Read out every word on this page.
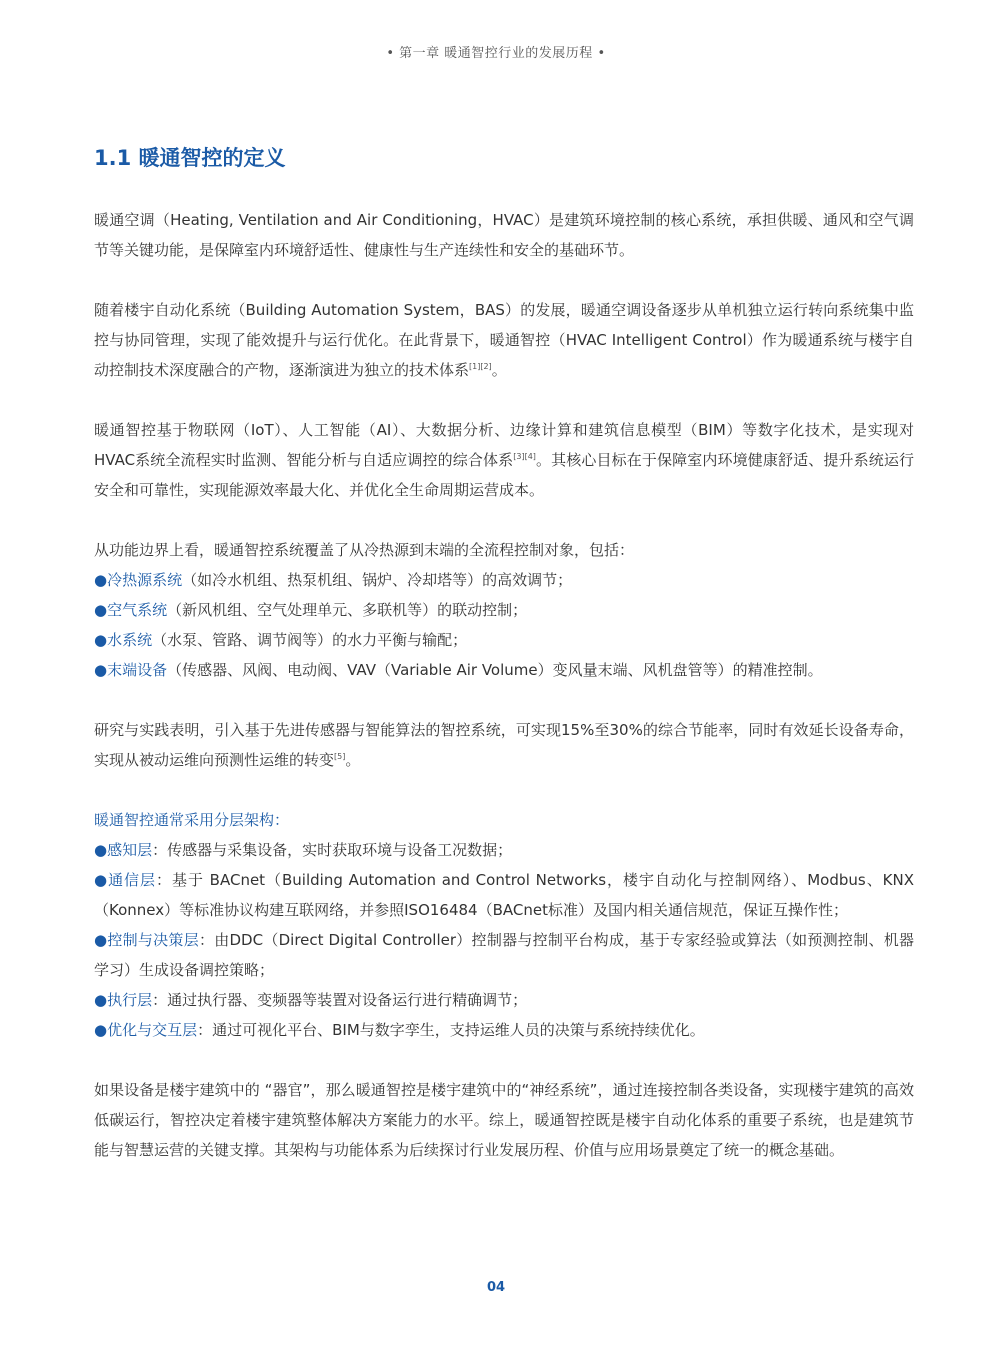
• 第一章 暖通智控行业的发展历程 •
1.1 暖通智控的定义

暖通空调（Heating, Ventilation and Air Conditioning，HVAC）是建筑环境控制的核心系统，承担供暖、通风和空气调节等关键功能，是保障室内环境舒适性、健康性与生产连续性和安全的基础环节。

随着楼宇自动化系统（Building Automation System，BAS）的发展，暖通空调设备逐步从单机独立运行转向系统集中监控与协同管理，实现了能效提升与运行优化。在此背景下，暖通智控（HVAC Intelligent Control）作为暖通系统与楼宇自动控制技术深度融合的产物，逐渐演进为独立的技术体系[1][2]。

暖通智控基于物联网（IoT）、人工智能（AI）、大数据分析、边缘计算和建筑信息模型（BIM）等数字化技术，是实现对HVAC系统全流程实时监测、智能分析与自适应调控的综合体系[3][4]。其核心目标在于保障室内环境健康舒适、提升系统运行安全和可靠性，实现能源效率最大化、并优化全生命周期运营成本。

从功能边界上看，暖通智控系统覆盖了从冷热源到末端的全流程控制对象，包括：

●冷热源系统（如冷水机组、热泵机组、锅炉、冷却塔等）的高效调节；

●空气系统（新风机组、空气处理单元、多联机等）的联动控制；

●水系统（水泵、管路、调节阀等）的水力平衡与输配；

●末端设备（传感器、风阀、电动阀、VAV（Variable Air Volume）变风量末端、风机盘管等）的精准控制。

研究与实践表明，引入基于先进传感器与智能算法的智控系统，可实现15%至30%的综合节能率，同时有效延长设备寿命，实现从被动运维向预测性运维的转变[5]。

暖通智控通常采用分层架构：

●感知层：传感器与采集设备，实时获取环境与设备工况数据；

●通信层：基于 BACnet（Building Automation and Control Networks，楼宇自动化与控制网络）、Modbus、KNX（Konnex）等标准协议构建互联网络，并参照ISO16484（BACnet标准）及国内相关通信规范，保证互操作性；

●控制与决策层：由DDC（Direct Digital Controller）控制器与控制平台构成，基于专家经验或算法（如预测控制、机器学习）生成设备调控策略；

●执行层：通过执行器、变频器等装置对设备运行进行精确调节；

●优化与交互层：通过可视化平台、BIM与数字孪生，支持运维人员的决策与系统持续优化。

如果设备是楼宇建筑中的 “器官”，那么暖通智控是楼宇建筑中的“神经系统”，通过连接控制各类设备，实现楼宇建筑的高效低碳运行，智控决定着楼宇建筑整体解决方案能力的水平。综上，暖通智控既是楼宇自动化体系的重要子系统，也是建筑节能与智慧运营的关键支撑。其架构与功能体系为后续探讨行业发展历程、价值与应用场景奠定了统一的概念基础。

04
